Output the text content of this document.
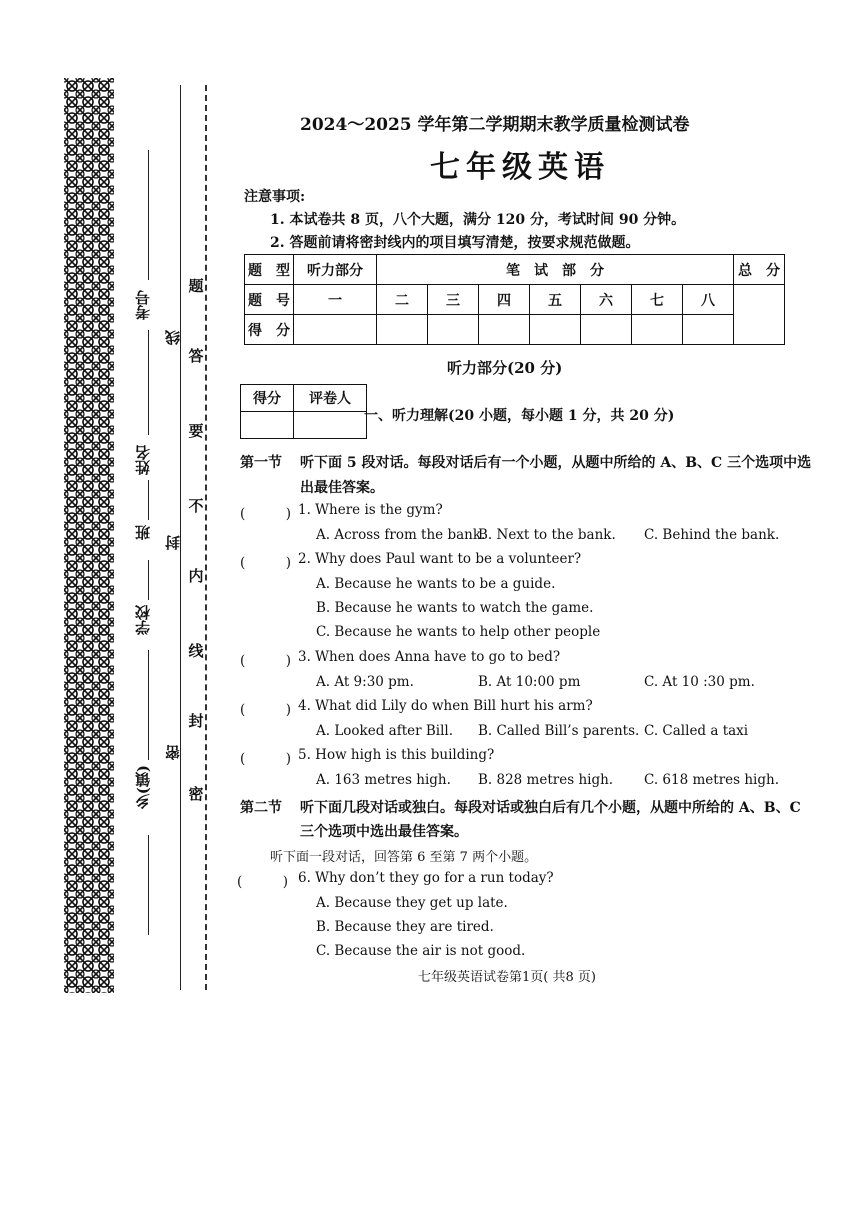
考号
姓名
班
学校
乡(镇)
线
封
密
题
答
要
不
内
线
封
密
2024～2025 学年第二学期期末教学质量检测试卷
七年级英语
注意事项:
1. 本试卷共 8 页，八个大题，满分 120 分，考试时间 90 分钟。
2. 答题前请将密封线内的项目填写清楚，按要求规范做题。
题　型	听力部分	笔　试　部　分							总　分
题　号	一	二	三	四	五	六	七	八	
得　分									
听力部分(20 分)
得分	评卷人

一、听力理解(20 小题，每小题 1 分，共 20 分)
第一节 听下面 5 段对话。每段对话后有一个小题，从题中所给的 A、B、C 三个选项中选
出最佳答案。
(　　　) 1. Where is the gym?
A. Across from the bank.
B. Next to the bank. C. Behind the bank.
(　　　) 2. Why does Paul want to be a volunteer?
A. Because he wants to be a guide.
B. Because he wants to watch the game.
C. Because he wants to help other people
(　　　) 3. When does Anna have to go to bed?
A. At 9:30 pm.	B. At 10:00 pm	C. At 10 :30 pm.
(　　　) 4. What did Lily do when Bill hurt his arm?
A. Looked after Bill. B. Called Bill’s parents. C. Called a taxi
(　　　) 5. How high is this building?
A. 163 metres high. B. 828 metres high. C. 618 metres high.
第二节 听下面几段对话或独白。每段对话或独白后有几个小题，从题中所给的 A、B、C
三个选项中选出最佳答案。
听下面一段对话，回答第 6 至第 7 两个小题。
(　　　) 6. Why don’t they go for a run today?
A. Because they get up late.
B. Because they are tired.
C. Because the air is not good.
七年级英语试卷第1页( 共8 页)
